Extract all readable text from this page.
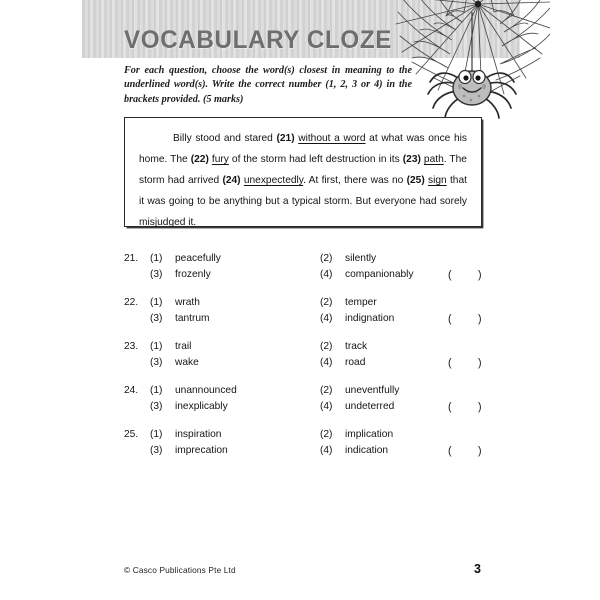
VOCABULARY CLOZE
For each question, choose the word(s) closest in meaning to the underlined word(s). Write the correct number (1, 2, 3 or 4) in the brackets provided. (5 marks)
Billy stood and stared (21) without a word at what was once his home. The (22) fury of the storm had left destruction in its (23) path. The storm had arrived (24) unexpectedly. At first, there was no (25) sign that it was going to be anything but a typical storm. But everyone had sorely misjudged it.
21.	(1) peacefully	(2) silently
(3) frozenly	(4) companionably	( )
22.	(1) wrath	(2) temper
(3) tantrum	(4) indignation	( )
23.	(1) trail	(2) track
(3) wake	(4) road	( )
24.	(1) unannounced	(2) uneventfully
(3) inexplicably	(4) undeterred	( )
25.	(1) inspiration	(2) implication
(3) imprecation	(4) indication	( )
© Casco Publications Pte Ltd	3
